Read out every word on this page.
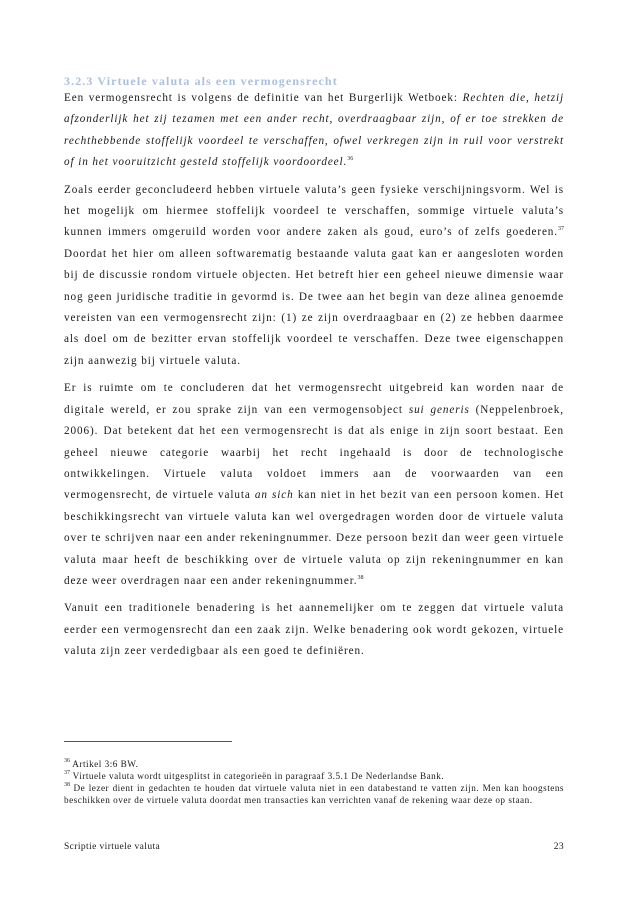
3.2.3 Virtuele valuta als een vermogensrecht

Een vermogensrecht is volgens de definitie van het Burgerlijk Wetboek: Rechten die, hetzij afzonderlijk het zij tezamen met een ander recht, overdraagbaar zijn, of er toe strekken de rechthebbende stoffelijk voordeel te verschaffen, ofwel verkregen zijn in ruil voor verstrekt of in het vooruitzicht gesteld stoffelijk voordoordeel.$^{36}$

Zoals eerder geconcludeerd hebben virtuele valuta’s geen fysieke verschijningsvorm. Wel is het mogelijk om hiermee stoffelijk voordeel te verschaffen, sommige virtuele valuta’s kunnen immers omgeruild worden voor andere zaken als goud, euro’s of zelfs goederen.$^{37}$ Doordat het hier om alleen softwarematig bestaande valuta gaat kan er aangesloten worden bij de discussie rondom virtuele objecten. Het betreft hier een geheel nieuwe dimensie waar nog geen juridische traditie in gevormd is. De twee aan het begin van deze alinea genoemde vereisten van een vermogensrecht zijn: (1) ze zijn overdraagbaar en (2) ze hebben daarmee als doel om de bezitter ervan stoffelijk voordeel te verschaffen. Deze twee eigenschappen zijn aanwezig bij virtuele valuta.

Er is ruimte om te concluderen dat het vermogensrecht uitgebreid kan worden naar de digitale wereld, er zou sprake zijn van een vermogensobject sui generis (Neppelenbroek, 2006). Dat betekent dat het een vermogensrecht is dat als enige in zijn soort bestaat. Een geheel nieuwe categorie waarbij het recht ingehaald is door de technologische ontwikkelingen. Virtuele valuta voldoet immers aan de voorwaarden van een vermogensrecht, de virtuele valuta an sich kan niet in het bezit van een persoon komen. Het beschikkingsrecht van virtuele valuta kan wel overgedragen worden door de virtuele valuta over te schrijven naar een ander rekeningnummer. Deze persoon bezit dan weer geen virtuele valuta maar heeft de beschikking over de virtuele valuta op zijn rekeningnummer en kan deze weer overdragen naar een ander rekeningnummer.$^{38}$

Vanuit een traditionele benadering is het aannemelijker om te zeggen dat virtuele valuta eerder een vermogensrecht dan een zaak zijn. Welke benadering ook wordt gekozen, virtuele valuta zijn zeer verdedigbaar als een goed te definiëren.

$^{36}$ Artikel 3:6 BW.

$^{37}$ Virtuele valuta wordt uitgesplitst in categorieën in paragraaf 3.5.1 De Nederlandse Bank.

$^{38}$ De lezer dient in gedachten te houden dat virtuele valuta niet in een databestand te vatten zijn. Men kan hoogstens beschikken over de virtuele valuta doordat men transacties kan verrichten vanaf de rekening waar deze op staan.

Scriptie virtuele valuta	23
